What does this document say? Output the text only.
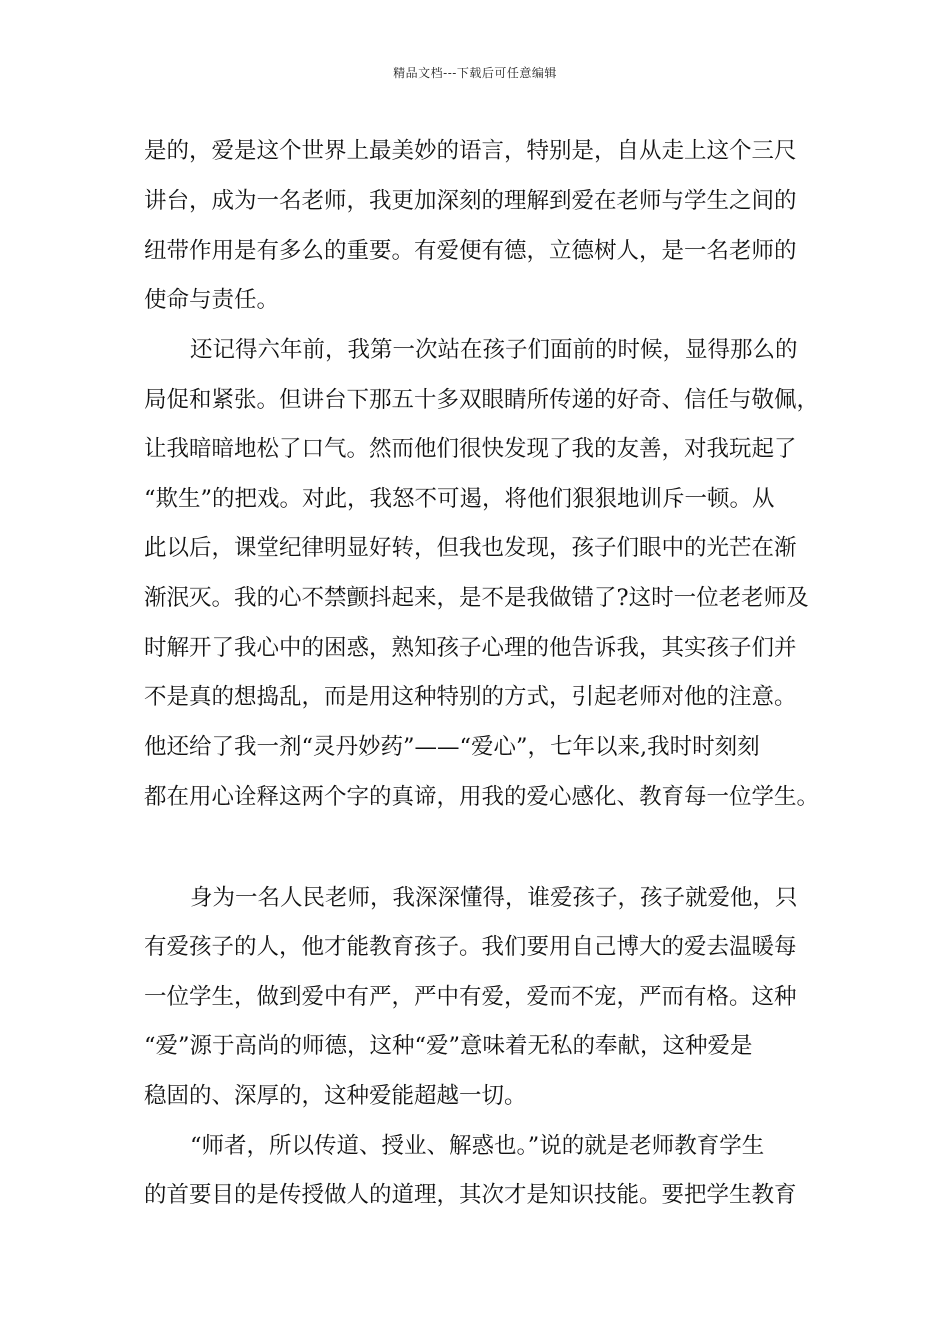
精品文档---下载后可任意编辑
是的，爱是这个世界上最美妙的语言，特别是，自从走上这个三尺
讲台，成为一名老师，我更加深刻的理解到爱在老师与学生之间的
纽带作用是有多么的重要。有爱便有德，立德树人，是一名老师的
使命与责任。
还记得六年前，我第一次站在孩子们面前的时候，显得那么的
局促和紧张。但讲台下那五十多双眼睛所传递的好奇、信任与敬佩，
让我暗暗地松了口气。然而他们很快发现了我的友善，对我玩起了
“欺生”的把戏。对此，我怒不可遏，将他们狠狠地训斥一顿。从
此以后，课堂纪律明显好转，但我也发现，孩子们眼中的光芒在渐
渐泯灭。我的心不禁颤抖起来，是不是我做错了?这时一位老老师及
时解开了我心中的困惑，熟知孩子心理的他告诉我，其实孩子们并
不是真的想捣乱，而是用这种特别的方式，引起老师对他的注意。
他还给了我一剂“灵丹妙药”——“爱心”，七年以来,我时时刻刻
都在用心诠释这两个字的真谛，用我的爱心感化、教育每一位学生。
身为一名人民老师，我深深懂得，谁爱孩子，孩子就爱他，只
有爱孩子的人，他才能教育孩子。我们要用自己博大的爱去温暖每
一位学生，做到爱中有严，严中有爱，爱而不宠，严而有格。这种
“爱”源于高尚的师德，这种“爱”意味着无私的奉献，这种爱是
稳固的、深厚的，这种爱能超越一切。
“师者，所以传道、授业、解惑也。”说的就是老师教育学生
的首要目的是传授做人的道理，其次才是知识技能。要把学生教育
